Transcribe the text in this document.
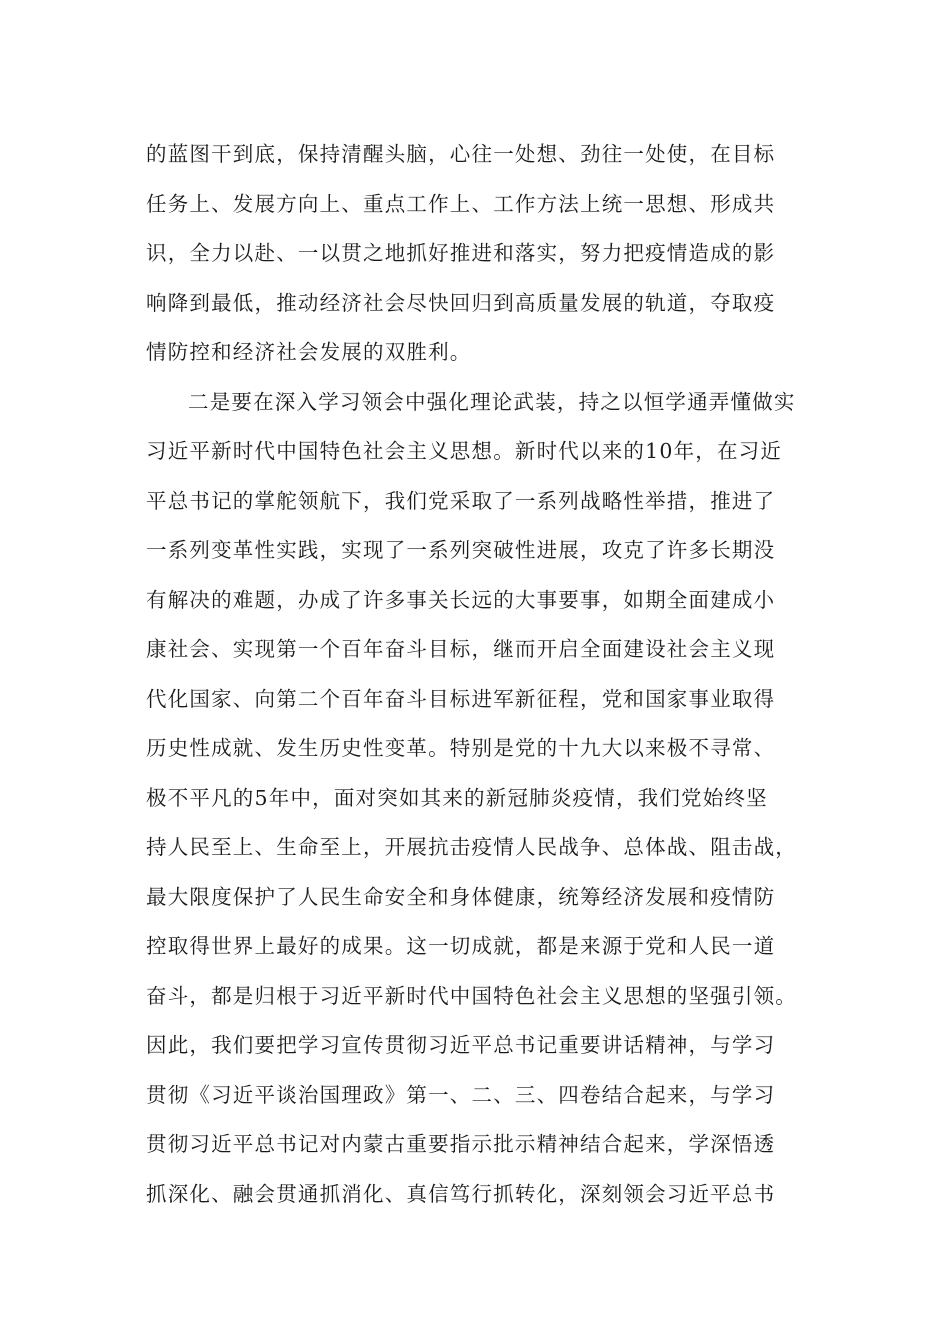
的蓝图干到底，保持清醒头脑，心往一处想、劲往一处使，在目标
任务上、发展方向上、重点工作上、工作方法上统一思想、形成共
识，全力以赴、一以贯之地抓好推进和落实，努力把疫情造成的影
响降到最低，推动经济社会尽快回归到高质量发展的轨道，夺取疫
情防控和经济社会发展的双胜利。
二是要在深入学习领会中强化理论武装，持之以恒学通弄懂做实
习近平新时代中国特色社会主义思想。新时代以来的10年，在习近
平总书记的掌舵领航下，我们党采取了一系列战略性举措，推进了
一系列变革性实践，实现了一系列突破性进展，攻克了许多长期没
有解决的难题，办成了许多事关长远的大事要事，如期全面建成小
康社会、实现第一个百年奋斗目标，继而开启全面建设社会主义现
代化国家、向第二个百年奋斗目标进军新征程，党和国家事业取得
历史性成就、发生历史性变革。特别是党的十九大以来极不寻常、
极不平凡的5年中，面对突如其来的新冠肺炎疫情，我们党始终坚
持人民至上、生命至上，开展抗击疫情人民战争、总体战、阻击战，
最大限度保护了人民生命安全和身体健康，统筹经济发展和疫情防
控取得世界上最好的成果。这一切成就，都是来源于党和人民一道
奋斗，都是归根于习近平新时代中国特色社会主义思想的坚强引领。
因此，我们要把学习宣传贯彻习近平总书记重要讲话精神，与学习
贯彻《习近平谈治国理政》第一、二、三、四卷结合起来，与学习
贯彻习近平总书记对内蒙古重要指示批示精神结合起来，学深悟透
抓深化、融会贯通抓消化、真信笃行抓转化，深刻领会习近平总书
